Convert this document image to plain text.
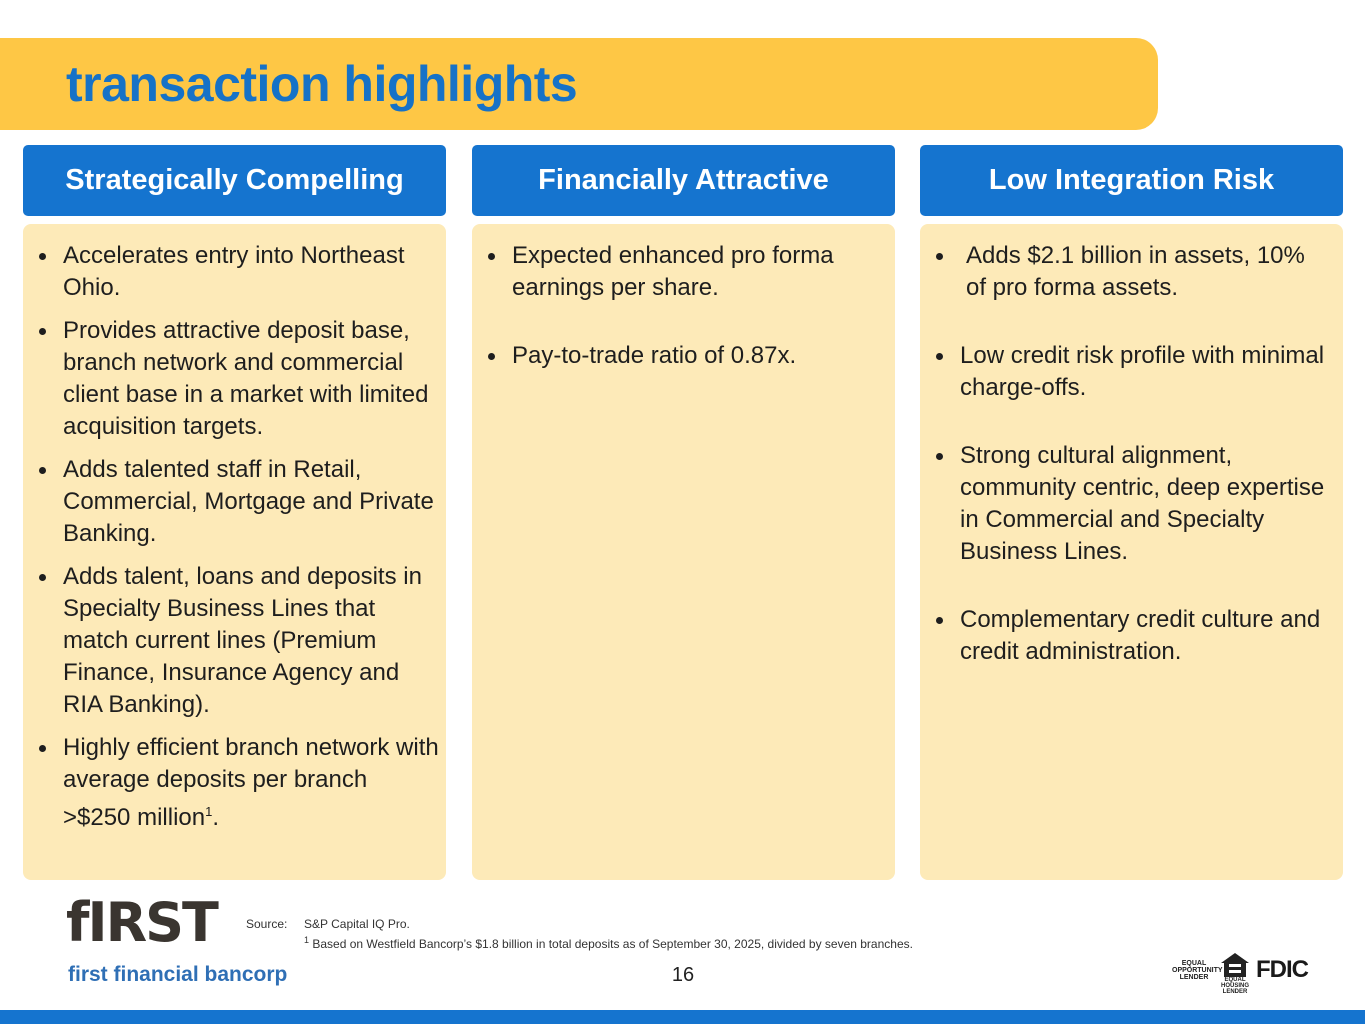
transaction highlights
Strategically Compelling
Accelerates entry into Northeast Ohio.
Provides attractive deposit base, branch network and commercial client base in a market with limited acquisition targets.
Adds talented staff in Retail, Commercial, Mortgage and Private Banking.
Adds talent, loans and deposits in Specialty Business Lines that match current lines (Premium Finance, Insurance Agency and RIA Banking).
Highly efficient branch network with average deposits per branch >$250 million$^1$.
Financially Attractive
Expected enhanced pro forma earnings per share.
Pay-to-trade ratio of 0.87x.
Low Integration Risk
Adds $2.1 billion in assets, 10% of pro forma assets.
Low credit risk profile with minimal charge-offs.
Strong cultural alignment, community centric, deep expertise in Commercial and Specialty Business Lines.
Complementary credit culture and credit administration.
fIRST
first financial bancorp
Source: S&P Capital IQ Pro.
$^1$ Based on Westfield Bancorp’s $1.8 billion in total deposits as of September 30, 2025, divided by seven branches.
16
EQUAL OPPORTUNITY LENDER	EQUAL HOUSING LENDER
FDIC
